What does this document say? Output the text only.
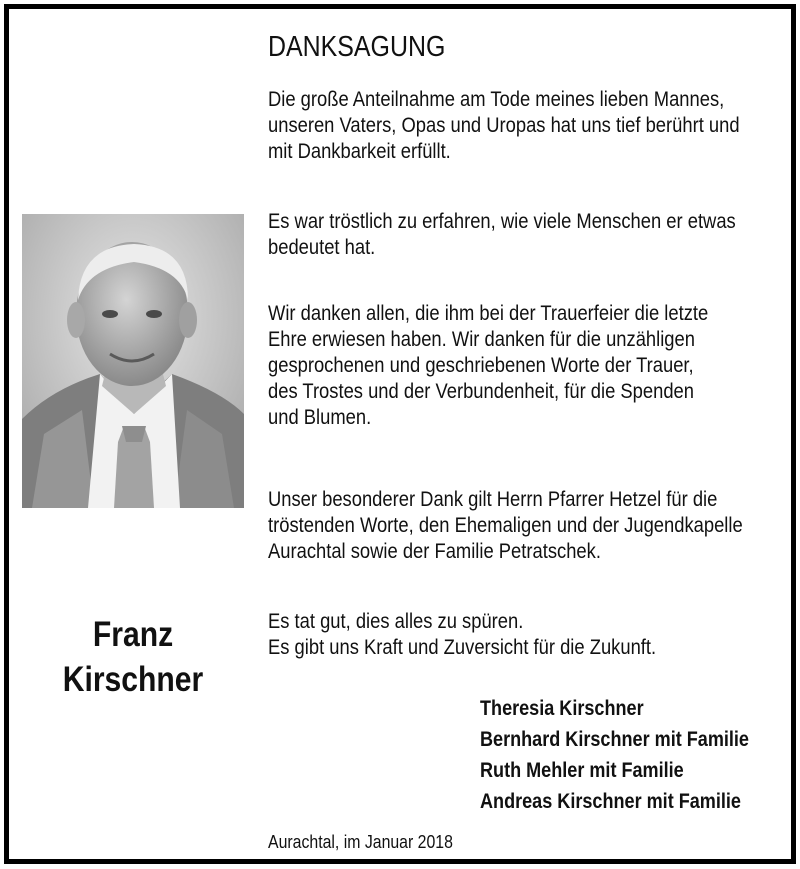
Franz
Kirschner
DANKSAGUNG
Die große Anteilnahme am Tode meines lieben Mannes,
unseren Vaters, Opas und Uropas hat uns tief berührt und
mit Dankbarkeit erfüllt.
Es war tröstlich zu erfahren, wie viele Menschen er etwas
bedeutet hat.
Wir danken allen, die ihm bei der Trauerfeier die letzte
Ehre erwiesen haben. Wir danken für die unzähligen
gesprochenen und geschriebenen Worte der Trauer,
des Trostes und der Verbundenheit, für die Spenden
und Blumen.
Unser besonderer Dank gilt Herrn Pfarrer Hetzel für die
tröstenden Worte, den Ehemaligen und der Jugendkapelle
Aurachtal sowie der Familie Petratschek.
Es tat gut, dies alles zu spüren.
Es gibt uns Kraft und Zuversicht für die Zukunft.
Theresia Kirschner
Bernhard Kirschner mit Familie
Ruth Mehler mit Familie
Andreas Kirschner mit Familie
Aurachtal, im Januar 2018
